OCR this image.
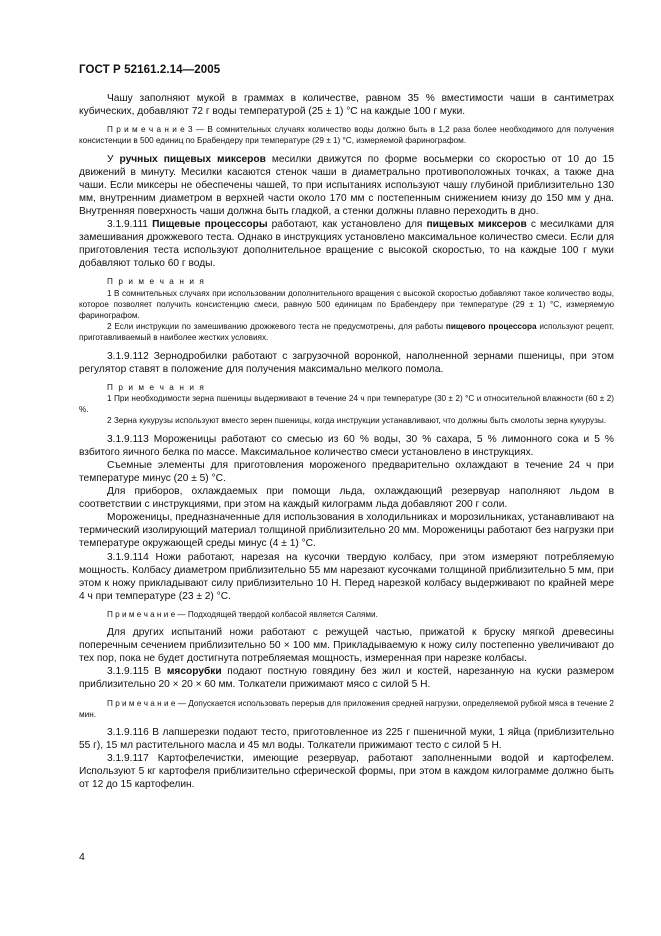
ГОСТ Р 52161.2.14—2005

Чашу заполняют мукой в граммах в количестве, равном 35 % вместимости чаши в сантиметрах кубических, добавляют 72 г воды температурой (25 ± 1) °С на каждые 100 г муки.

П р и м е ч а н и е 3 — В сомнительных случаях количество воды должно быть в 1,2 раза более необходимого для получения консистенции в 500 единиц по Брабендеру при температуре (29 ± 1) °С, измеряемой фаринографом.

У ручных пищевых миксеров месилки движутся по форме восьмерки со скоростью от 10 до 15 движений в минуту. Месилки касаются стенок чаши в диаметрально противоположных точках, а также дна чаши. Если миксеры не обеспечены чашей, то при испытаниях используют чашу глубиной приблизительно 130 мм, внутренним диаметром в верхней части около 170 мм с постепенным снижением книзу до 150 мм у дна. Внутренняя поверхность чаши должна быть гладкой, а стенки должны плавно переходить в дно.

3.1.9.111 Пищевые процессоры работают, как установлено для пищевых миксеров с месилками для замешивания дрожжевого теста. Однако в инструкциях установлено максимальное количество смеси. Если для приготовления теста используют дополнительное вращение с высокой скоростью, то на каждые 100 г муки добавляют только 60 г воды.

П р и м е ч а н и я

1 В сомнительных случаях при использовании дополнительного вращения с высокой скоростью добавляют такое количество воды, которое позволяет получить консистенцию смеси, равную 500 единицам по Брабендеру при температуре (29 ± 1) °С, измеряемую фаринографом.

2 Если инструкции по замешиванию дрожжевого теста не предусмотрены, для работы пищевого процессора используют рецепт, приготавливаемый в наиболее жестких условиях.

3.1.9.112 Зернодробилки работают с загрузочной воронкой, наполненной зернами пшеницы, при этом регулятор ставят в положение для получения максимально мелкого помола.

П р и м е ч а н и я

1 При необходимости зерна пшеницы выдерживают в течение 24 ч при температуре (30 ± 2) °С и относительной влажности (60 ± 2) %.

2 Зерна кукурузы используют вместо зерен пшеницы, когда инструкции устанавливают, что должны быть смолоты зерна кукурузы.

3.1.9.113 Мороженицы работают со смесью из 60 % воды, 30 % сахара, 5 % лимонного сока и 5 % взбитого яичного белка по массе. Максимальное количество смеси установлено в инструкциях.

Съемные элементы для приготовления мороженого предварительно охлаждают в течение 24 ч при температуре минус (20 ± 5) °С.

Для приборов, охлаждаемых при помощи льда, охлаждающий резервуар наполняют льдом в соответствии с инструкциями, при этом на каждый килограмм льда добавляют 200 г соли.

Мороженицы, предназначенные для использования в холодильниках и морозильниках, устанавливают на термический изолирующий материал толщиной приблизительно 20 мм. Мороженицы работают без нагрузки при температуре окружающей среды минус (4 ± 1) °С.

3.1.9.114 Ножи работают, нарезая на кусочки твердую колбасу, при этом измеряют потребляемую мощность. Колбасу диаметром приблизительно 55 мм нарезают кусочками толщиной приблизительно 5 мм, при этом к ножу прикладывают силу приблизительно 10 Н. Перед нарезкой колбасу выдерживают по крайней мере 4 ч при температуре (23 ± 2) °С.

П р и м е ч а н и е — Подходящей твердой колбасой является Салями.

Для других испытаний ножи работают с режущей частью, прижатой к бруску мягкой древесины поперечным сечением приблизительно 50 × 100 мм. Прикладываемую к ножу силу постепенно увеличивают до тех пор, пока не будет достигнута потребляемая мощность, измеренная при нарезке колбасы.

3.1.9.115 В мясорубки подают постную говядину без жил и костей, нарезанную на куски размером приблизительно 20 × 20 × 60 мм. Толкатели прижимают мясо с силой 5 Н.

П р и м е ч а н и е — Допускается использовать перерыв для приложения средней нагрузки, определяемой рубкой мяса в течение 2 мин.

3.1.9.116 В лапшерезки подают тесто, приготовленное из 225 г пшеничной муки, 1 яйца (приблизительно 55 г), 15 мл растительного масла и 45 мл воды. Толкатели прижимают тесто с силой 5 Н.

3.1.9.117 Картофелечистки, имеющие резервуар, работают заполненными водой и картофелем. Используют 5 кг картофеля приблизительно сферической формы, при этом в каждом килограмме должно быть от 12 до 15 картофелин.

4
